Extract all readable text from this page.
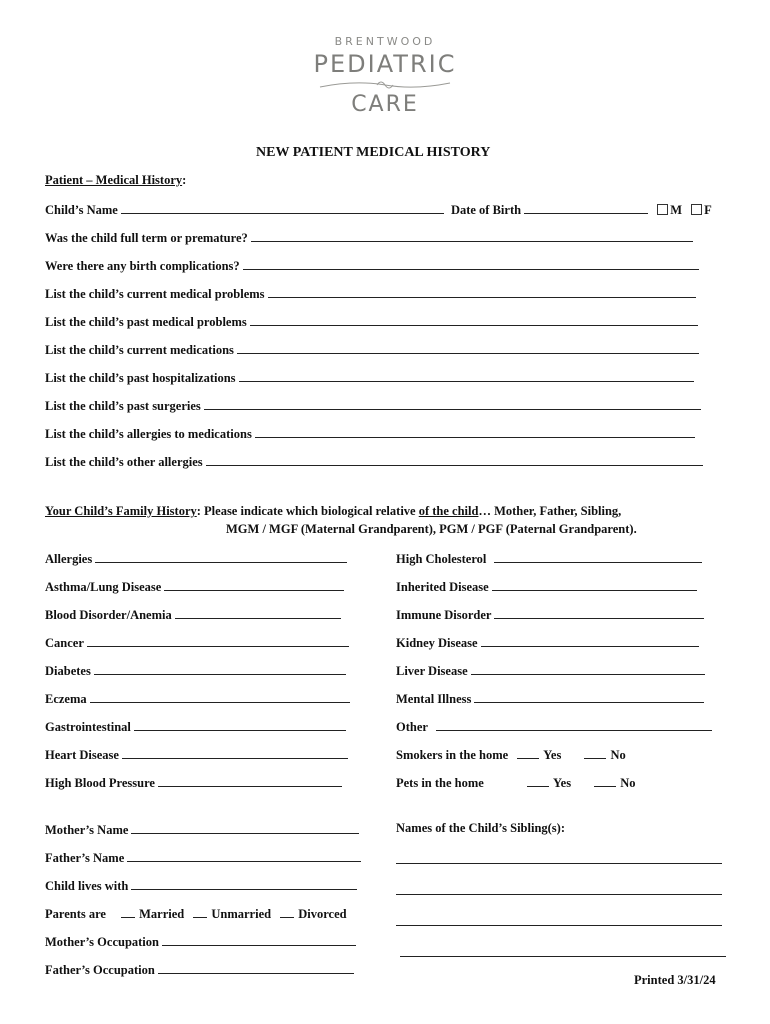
BRENTWOOD
PEDIATRIC
CARE
NEW PATIENT MEDICAL HISTORY
Patient – Medical History:
Child’s Name	Date of Birth	M F
Was the child full term or premature?
Were there any birth complications?
List the child’s current medical problems
List the child’s past medical problems
List the child’s current medications
List the child’s past hospitalizations
List the child’s past surgeries
List the child’s allergies to medications
List the child’s other allergies
Your Child’s Family History: Please indicate which biological relative of the child… Mother, Father, Sibling,
MGM / MGF (Maternal Grandparent), PGM / PGF (Paternal Grandparent).
Allergies
Asthma/Lung Disease
Blood Disorder/Anemia
Cancer
Diabetes
Eczema
Gastrointestinal
Heart Disease
High Blood Pressure
High Cholesterol
Inherited Disease
Immune Disorder
Kidney Disease
Liver Disease
Mental Illness
Other
Smokers in the home	Yes	No
Pets in the home	Yes	No
Mother’s Name
Father’s Name
Child lives with
Parents are	Married Unmarried Divorced
Mother’s Occupation
Father’s Occupation
Names of the Child’s Sibling(s):
Printed 3/31/24
